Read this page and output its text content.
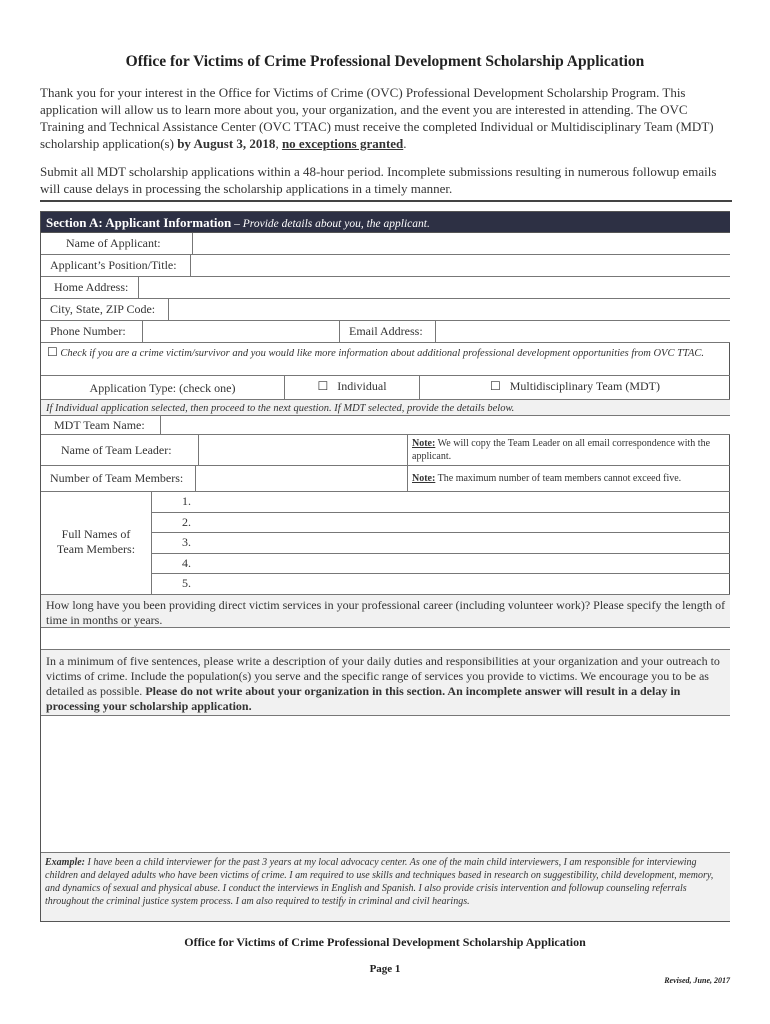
Office for Victims of Crime Professional Development Scholarship Application
Thank you for your interest in the Office for Victims of Crime (OVC) Professional Development Scholarship Program. This application will allow us to learn more about you, your organization, and the event you are interested in attending. The OVC Training and Technical Assistance Center (OVC TTAC) must receive the completed Individual or Multidisciplinary Team (MDT) scholarship application(s) by August 3, 2018, no exceptions granted.
Submit all MDT scholarship applications within a 48-hour period. Incomplete submissions resulting in numerous followup emails will cause delays in processing the scholarship applications in a timely manner.
Section A: Applicant Information – Provide details about you, the applicant.
Name of Applicant:
Applicant’s Position/Title:
Home Address:
City, State, ZIP Code:
Phone Number:	Email Address:
☐ Check if you are a crime victim/survivor and you would like more information about additional professional development opportunities from OVC TTAC.
Application Type: (check one)	☐ Individual	☐ Multidisciplinary Team (MDT)
If Individual application selected, then proceed to the next question. If MDT selected, provide the details below.
MDT Team Name:
Name of Team Leader:	Note: We will copy the Team Leader on all email correspondence with the applicant.
Number of Team Members:	Note: The maximum number of team members cannot exceed five.
Full Names of Team Members:
1.
2.
3.
4.
5.
How long have you been providing direct victim services in your professional career (including volunteer work)? Please specify the length of time in months or years.
In a minimum of five sentences, please write a description of your daily duties and responsibilities at your organization and your outreach to victims of crime. Include the population(s) you serve and the specific range of services you provide to victims. We encourage you to be as detailed as possible. Please do not write about your organization in this section. An incomplete answer will result in a delay in processing your scholarship application.
Example: I have been a child interviewer for the past 3 years at my local advocacy center. As one of the main child interviewers, I am responsible for interviewing children and delayed adults who have been victims of crime. I am required to use skills and techniques based in research on suggestibility, child development, memory, and dynamics of sexual and physical abuse. I conduct the interviews in English and Spanish. I also provide crisis intervention and followup counseling referrals throughout the criminal justice system process. I am also required to testify in criminal and civil hearings.
Office for Victims of Crime Professional Development Scholarship Application
Page 1
Revised, June, 2017
